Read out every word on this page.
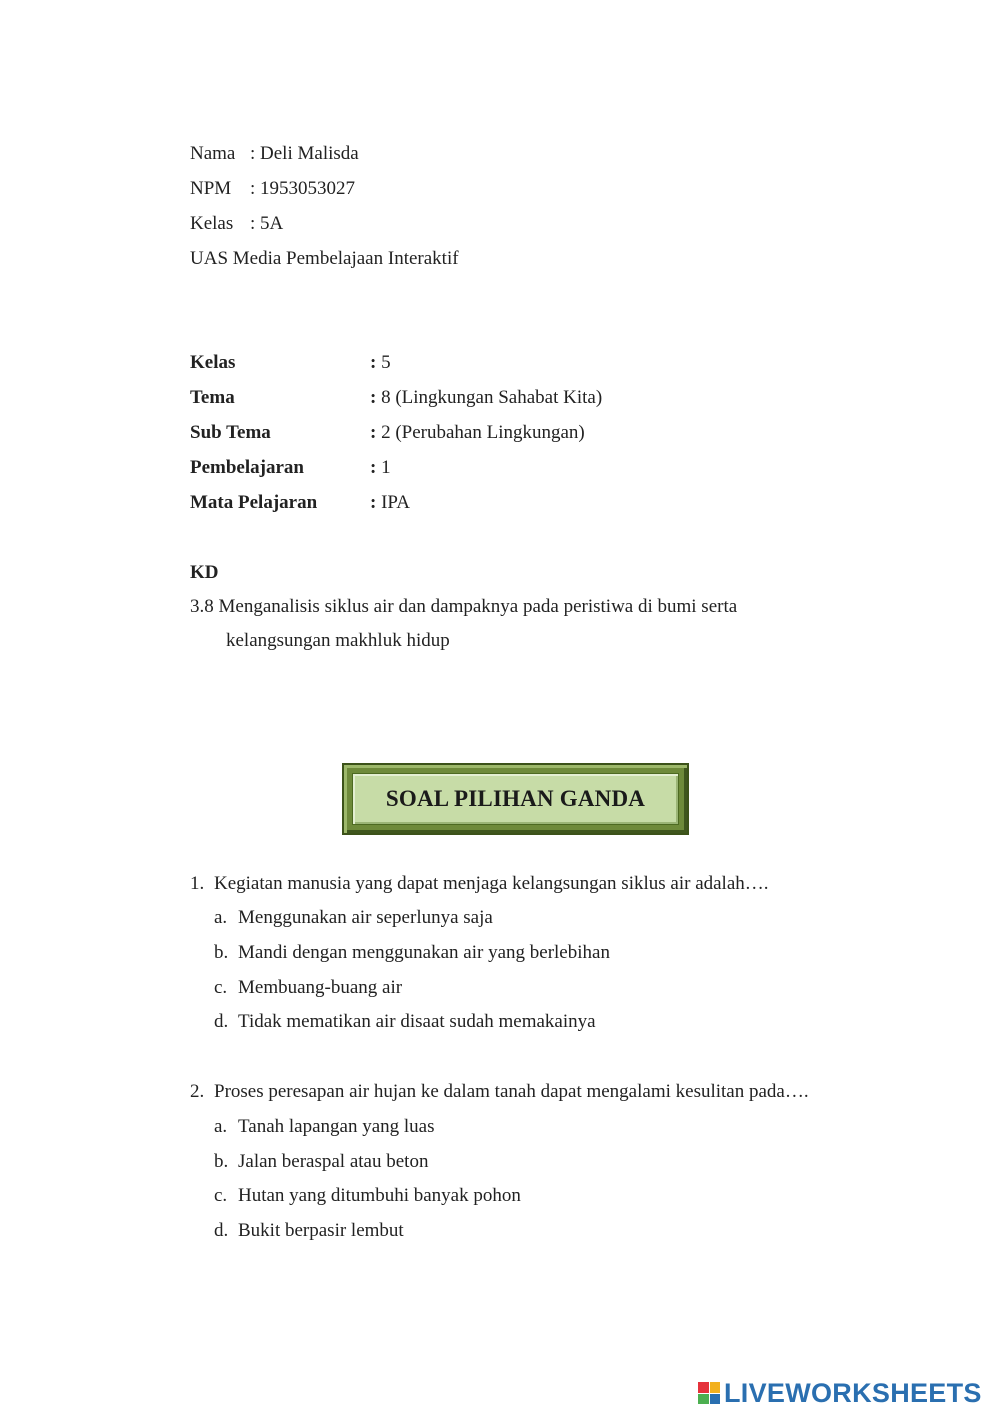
Nama : Deli Malisda
NPM : 1953053027
Kelas : 5A
UAS Media Pembelajaan Interaktif
Kelas	: 5
Tema	: 8 (Lingkungan Sahabat Kita)
Sub Tema	: 2 (Perubahan Lingkungan)
Pembelajaran	: 1
Mata Pelajaran	: IPA
KD
3.8 Menganalisis siklus air dan dampaknya pada peristiwa di bumi serta
kelangsungan makhluk hidup
SOAL PILIHAN GANDA
1. Kegiatan manusia yang dapat menjaga kelangsungan siklus air adalah….
a. Menggunakan air seperlunya saja
b. Mandi dengan menggunakan air yang berlebihan
c. Membuang-buang air
d. Tidak mematikan air disaat sudah memakainya
2. Proses peresapan air hujan ke dalam tanah dapat mengalami kesulitan pada….
a. Tanah lapangan yang luas
b. Jalan beraspal atau beton
c. Hutan yang ditumbuhi banyak pohon
d. Bukit berpasir lembut
LIVEWORKSHEETS
